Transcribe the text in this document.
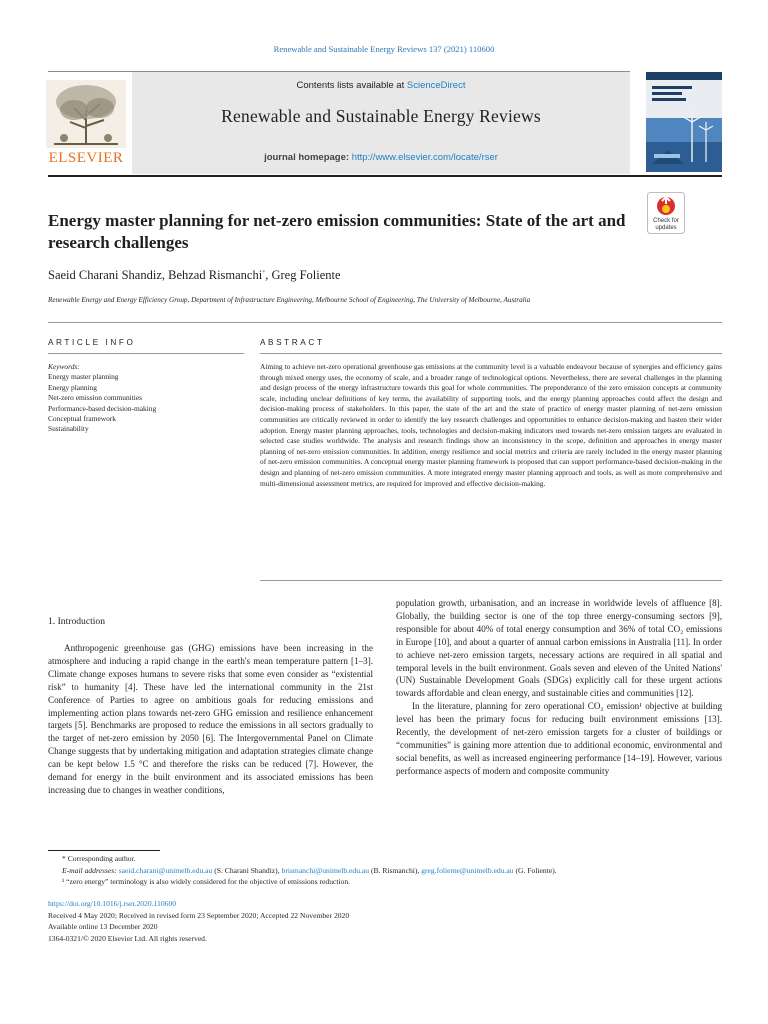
Renewable and Sustainable Energy Reviews 137 (2021) 110600
ELSEVIER
Contents lists available at ScienceDirect
Renewable and Sustainable Energy Reviews
journal homepage: http://www.elsevier.com/locate/rser
Energy master planning for net-zero emission communities: State of the art and research challenges
Check for updates
Saeid Charani Shandiz, Behzad Rismanchi*, Greg Foliente
Renewable Energy and Energy Efficiency Group, Department of Infrastructure Engineering, Melbourne School of Engineering, The University of Melbourne, Australia
ARTICLE INFO	ABSTRACT
Keywords:
Energy master planning
Energy planning
Net-zero emission communities
Performance-based decision-making
Conceptual framework
Sustainability
Aiming to achieve net-zero operational greenhouse gas emissions at the community level is a valuable endeavour because of synergies and efficiency gains through mixed energy uses, the economy of scale, and a broader range of technological options. Nevertheless, there are several challenges in the planning and design process of the energy infrastructure towards this goal for whole communities. The preponderance of the zero emission concepts at community scale, including unclear definitions of key terms, the availability of supporting tools, and the energy planning approaches could affect the design and decision-making process of stakeholders. In this paper, the state of the art and the state of practice of energy master planning of net-zero emission communities are critically reviewed in order to identify the key research challenges and opportunities to enhance decision-making and hasten their wider adoption. Energy master planning approaches, tools, technologies and decision-making indicators used towards net-zero emission targets are evaluated in selected case studies worldwide. The analysis and research findings show an inconsistency in the scope, definition and approaches in energy master planning of net-zero emission communities. In addition, energy resilience and social metrics and criteria are rarely included in the energy master planning of net-zero emission communities. A conceptual energy master planning framework is proposed that can support performance-based decision-making in the design and planning of net-zero emission communities. A more integrated energy master planning approach and tools, as well as more comprehensive and multi-dimensional assessment metrics, are required for improved and effective decision-making.
1. Introduction

Anthropogenic greenhouse gas (GHG) emissions have been increasing in the atmosphere and inducing a rapid change in the earth's mean temperature pattern [1–3]. Climate change exposes humans to severe risks that some even consider as “existential risk” to humanity [4]. These have led the international community in the 21st Conference of Parties to agree on ambitious goals for reducing emissions and implementing action plans towards net-zero GHG emission and resilience enhancement targets [5]. Benchmarks are proposed to reduce the emissions in all sectors gradually to the target of net-zero emission by 2050 [6]. The Intergovernmental Panel on Climate Change suggests that by undertaking mitigation and adaptation strategies climate change can be kept below 1.5 °C and therefore the risks can be reduced [7]. However, the demand for energy in the built environment and its associated emissions has been increasing due to changes in weather conditions,

population growth, urbanisation, and an increase in worldwide levels of affluence [8]. Globally, the building sector is one of the top three energy-consuming sectors [9], responsible for about 40% of total energy consumption and 36% of total CO₂ emissions in Europe [10], and about a quarter of annual carbon emissions in Australia [11]. In order to achieve net-zero emission targets, necessary actions are required in all spatial and temporal levels in the built environment. Goals seven and eleven of the United Nations' (UN) Sustainable Development Goals (SDGs) explicitly call for these urgent actions towards affordable and clean energy, and sustainable cities and communities [12].

In the literature, planning for zero operational CO₂ emission¹ objective at building level has been the primary focus for reducing built environment emissions [13]. Recently, the development of net-zero emission targets for a cluster of buildings or “communities” is gaining more attention due to additional economic, environmental and social benefits, as well as increased engineering performance [14–19]. However, various performance aspects of modern and composite community

* Corresponding author.
E-mail addresses: saeid.charani@unimelb.edu.au (S. Charani Shandiz), brismanchi@unimelb.edu.au (B. Rismanchi), greg.foliente@unimelb.edu.au (G. Foliente).
¹ “zero energy” terminology is also widely considered for the objective of emissions reduction.
https://doi.org/10.1016/j.rser.2020.110600
Received 4 May 2020; Received in revised form 23 September 2020; Accepted 22 November 2020
Available online 13 December 2020
1364-0321/© 2020 Elsevier Ltd. All rights reserved.
